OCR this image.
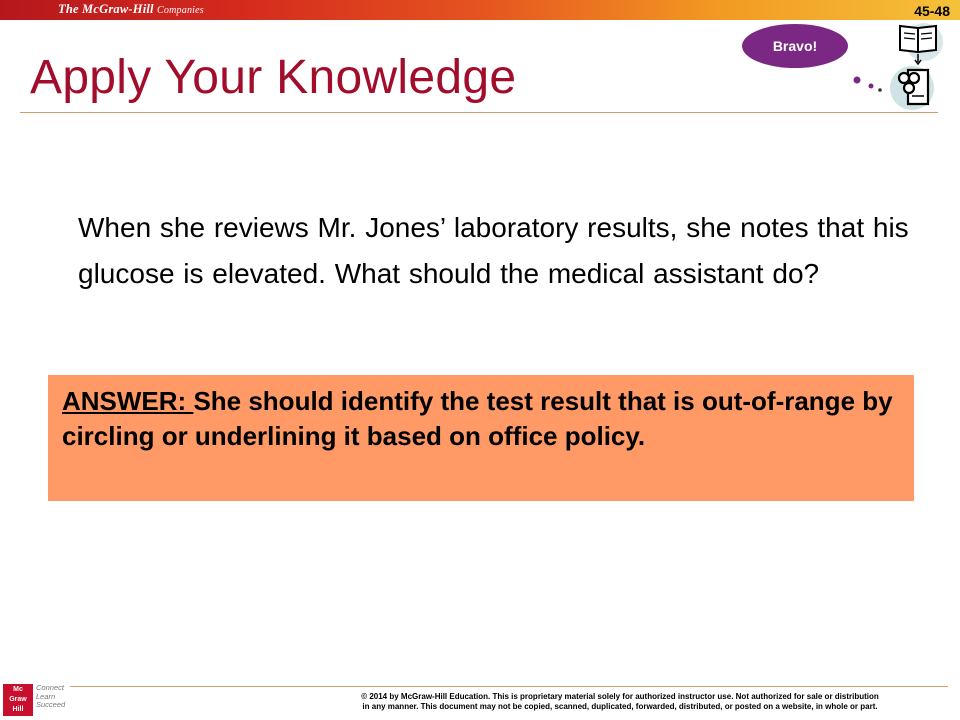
The McGraw-Hill Companies	45-48
Apply Your Knowledge
Bravo!

When she reviews Mr. Jones’ laboratory results, she notes that his glucose is elevated. What should the medical assistant do?

ANSWER: She should identify the test result that is out-of-range by circling or underlining it based on office policy.
Mc
Graw
Hill
Connect
Learn
Succeed
© 2014 by McGraw-Hill Education. This is proprietary material solely for authorized instructor use. Not authorized for sale or distribution
in any manner. This document may not be copied, scanned, duplicated, forwarded, distributed, or posted on a website, in whole or part.
